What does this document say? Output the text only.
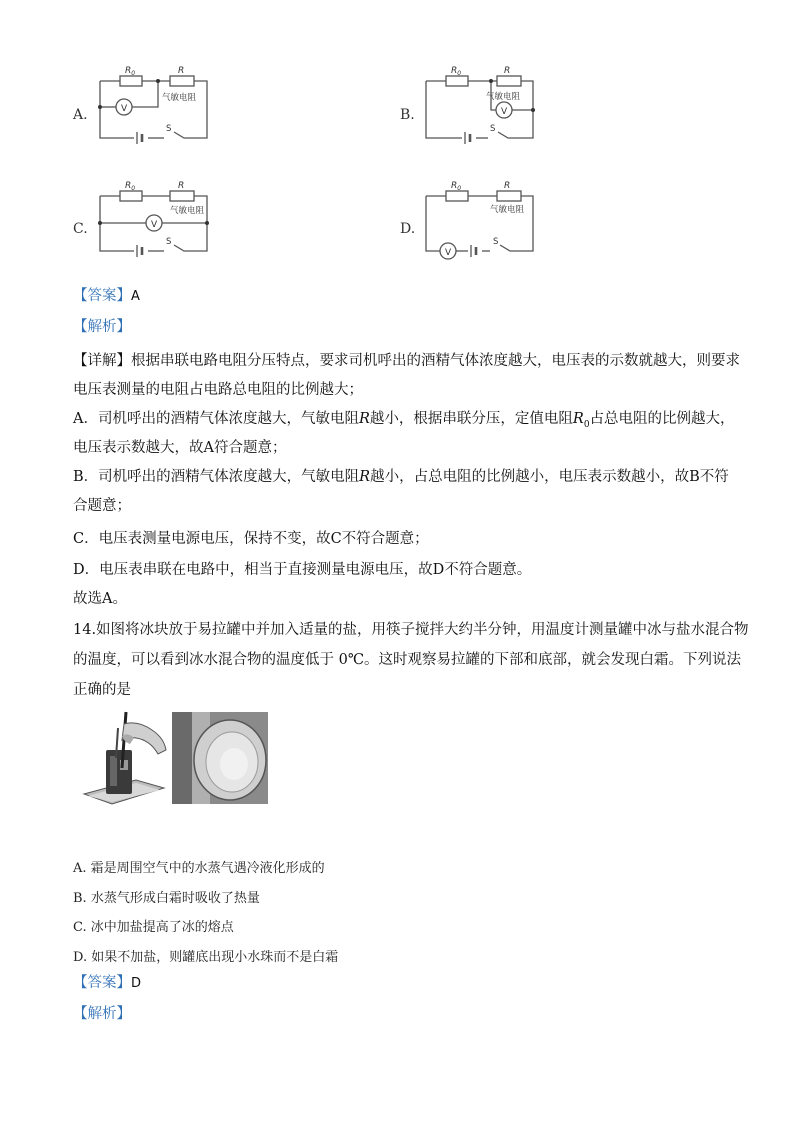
A.
$R_0$	R
气敏电阻
V
S
B.
$R_0$	R
气敏电阻
V
S
C.
$R_0$	R
气敏电阻
V
S
D.
$R_0$	R
气敏电阻
V
S
【答案】A
【解析】
【详解】根据串联电路电阻分压特点，要求司机呼出的酒精气体浓度越大，电压表的示数就越大，则要求
电压表测量的电阻占电路总电阻的比例越大；
A．司机呼出的酒精气体浓度越大，气敏电阻R越小，根据串联分压，定值电阻$R_0$占总电阻的比例越大，
电压表示数越大，故A符合题意；
B．司机呼出的酒精气体浓度越大，气敏电阻R越小，占总电阻的比例越小，电压表示数越小，故B不符
合题意；
C．电压表测量电源电压，保持不变，故C不符合题意；
D．电压表串联在电路中，相当于直接测量电源电压，故D不符合题意。
故选A。
14.如图将冰块放于易拉罐中并加入适量的盐，用筷子搅拌大约半分钟，用温度计测量罐中冰与盐水混合物
的温度，可以看到冰水混合物的温度低于 0℃。这时观察易拉罐的下部和底部，就会发现白霜。下列说法
正确的是
A. 霜是周围空气中的水蒸气遇冷液化形成的
B. 水蒸气形成白霜时吸收了热量
C. 冰中加盐提高了冰的熔点
D. 如果不加盐，则罐底出现小水珠而不是白霜
【答案】D
【解析】
